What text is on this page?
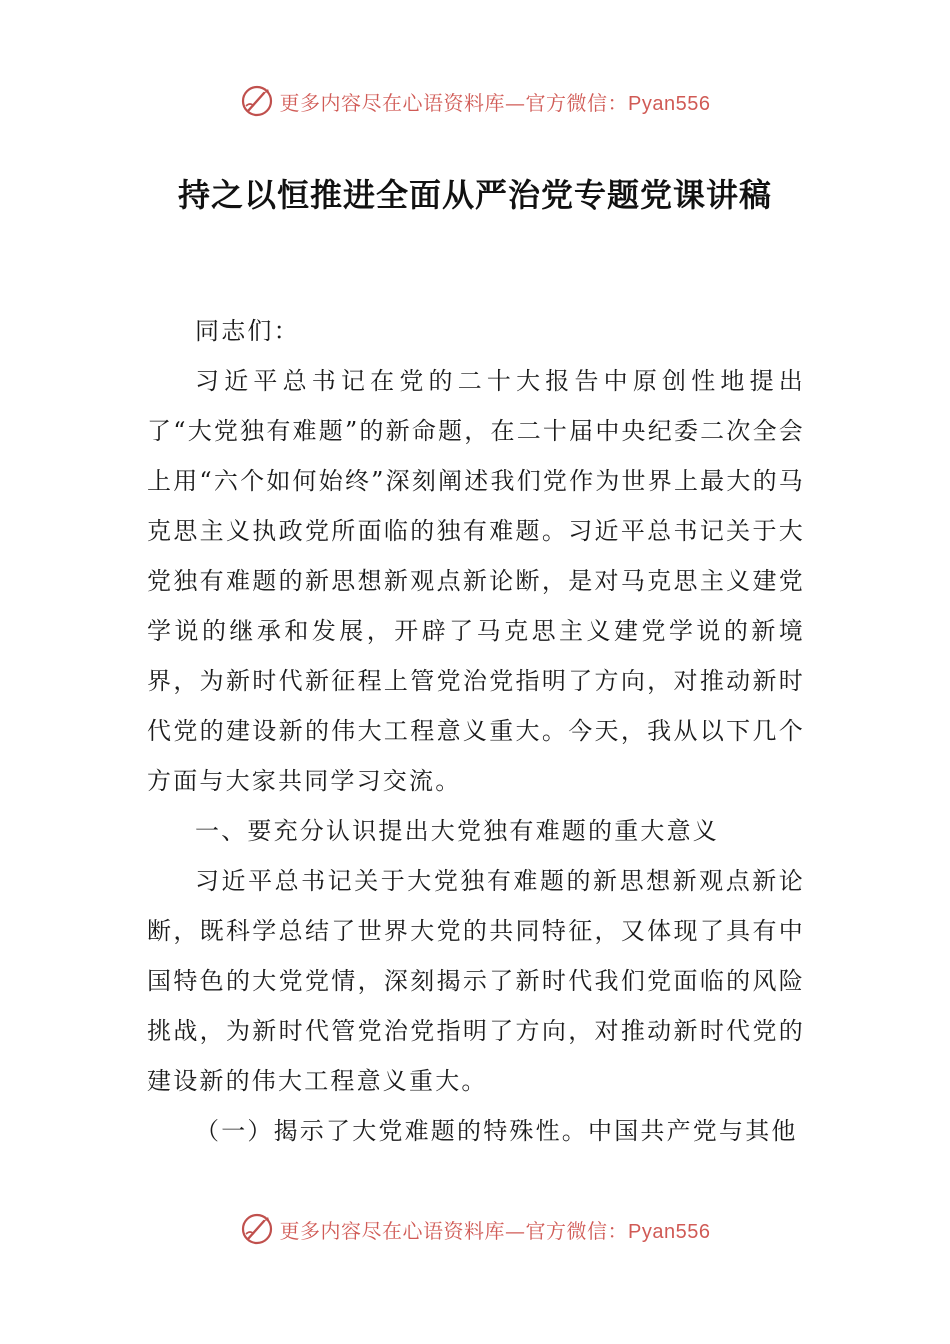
更多内容尽在心语资料库—官方微信：Pyan556
持之以恒推进全面从严治党专题党课讲稿

同志们：

习近平总书记在党的二十大报告中原创性地提出了“大党独有难题”的新命题，在二十届中央纪委二次全会上用“六个如何始终”深刻阐述我们党作为世界上最大的马克思主义执政党所面临的独有难题。习近平总书记关于大党独有难题的新思想新观点新论断，是对马克思主义建党学说的继承和发展，开辟了马克思主义建党学说的新境界，为新时代新征程上管党治党指明了方向，对推动新时代党的建设新的伟大工程意义重大。今天，我从以下几个方面与大家共同学习交流。

一、要充分认识提出大党独有难题的重大意义

习近平总书记关于大党独有难题的新思想新观点新论断，既科学总结了世界大党的共同特征，又体现了具有中国特色的大党党情，深刻揭示了新时代我们党面临的风险挑战，为新时代管党治党指明了方向，对推动新时代党的建设新的伟大工程意义重大。

（一）揭示了大党难题的特殊性。中国共产党与其他

更多内容尽在心语资料库—官方微信：Pyan556
